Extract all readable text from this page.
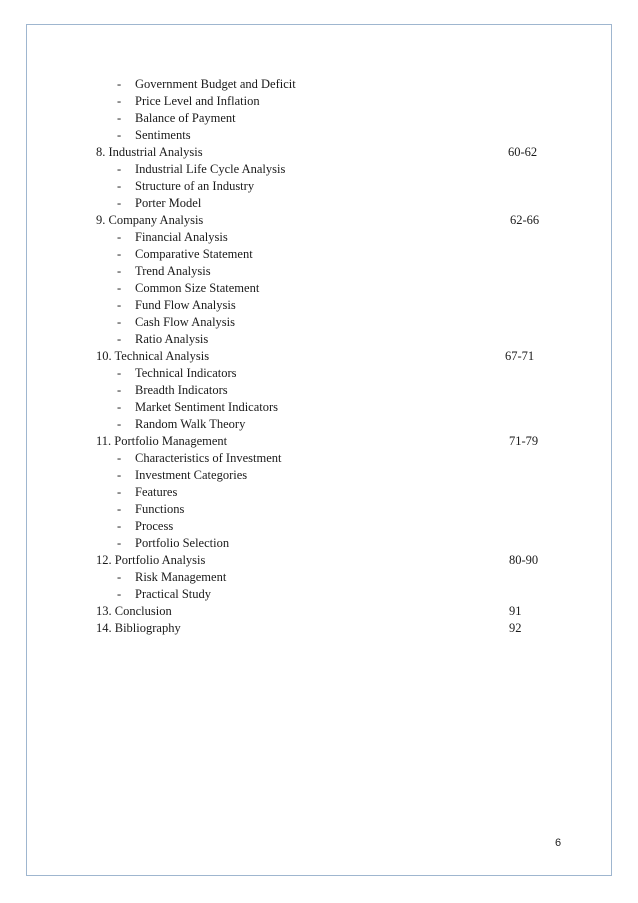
- Government Budget and Deficit
- Price Level and Inflation
- Balance of Payment
- Sentiments
8. Industrial Analysis	60-62
- Industrial Life Cycle Analysis
- Structure of an Industry
- Porter Model
9. Company Analysis	62-66
- Financial Analysis
- Comparative Statement
- Trend Analysis
- Common Size Statement
- Fund Flow Analysis
- Cash Flow Analysis
- Ratio Analysis
10. Technical Analysis	67-71
- Technical Indicators
- Breadth Indicators
- Market Sentiment Indicators
- Random Walk Theory
11. Portfolio Management	71-79
- Characteristics of Investment
- Investment Categories
- Features
- Functions
- Process
- Portfolio Selection
12. Portfolio Analysis	80-90
- Risk Management
- Practical Study
13. Conclusion	91
14. Bibliography	92
6
